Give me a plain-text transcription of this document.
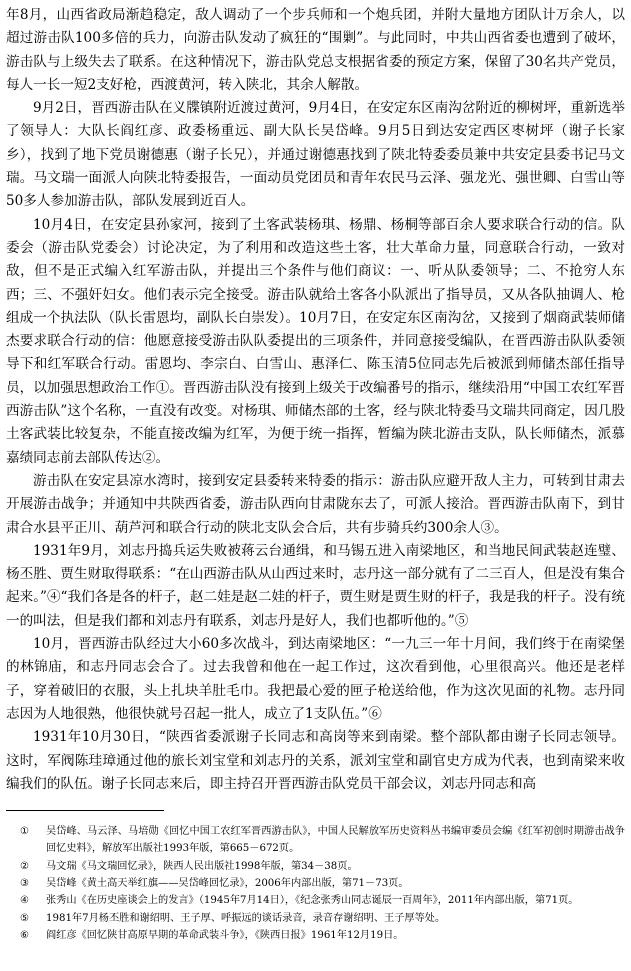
年8月，山西省政局渐趋稳定，敌人调动了一个步兵师和一个炮兵团，并附大量地方团队计万余人，以超过游击队100多倍的兵力，向游击队发动了疯狂的“围剿”。与此同时，中共山西省委也遭到了破坏，游击队与上级失去了联系。在这种情况下，游击队党总支根据省委的预定方案，保留了30名共产党员，每人一长一短2支好枪，西渡黄河，转入陕北，其余人解散。

9月2日，晋西游击队在义牒镇附近渡过黄河，9月4日，在安定东区南沟岔附近的柳树坪，重新选举了领导人：大队长阎红彦、政委杨重远、副大队长吴岱峰。9月5日到达安定西区枣树坪（谢子长家乡），找到了地下党员谢德惠（谢子长兄），并通过谢德惠找到了陕北特委委员兼中共安定县委书记马文瑞。马文瑞一面派人向陕北特委报告，一面动员党团员和青年农民马云泽、强龙光、强世卿、白雪山等50多人参加游击队，部队发展到近百人。

10月4日，在安定县孙家河，接到了土客武装杨琪、杨鼎、杨桐等部百余人要求联合行动的信。队委会（游击队党委会）讨论决定，为了利用和改造这些土客，壮大革命力量，同意联合行动，一致对敌，但不是正式编入红军游击队，并提出三个条件与他们商议：一、听从队委领导；二、不抢穷人东西；三、不强奸妇女。他们表示完全接受。游击队就给土客各小队派出了指导员，又从各队抽调人、枪组成一个执法队（队长雷恩均，副队长白崇发）。10月7日，在安定东区南沟岔，又接到了烟商武装师储杰要求联合行动的信：他愿意接受游击队队委提出的三项条件，并同意接受编队，在晋西游击队队委领导下和红军联合行动。雷恩均、李宗白、白雪山、惠泽仁、陈玉清5位同志先后被派到师储杰部任指导员，以加强思想政治工作①。晋西游击队没有接到上级关于改编番号的指示，继续沿用“中国工农红军晋西游击队”这个名称，一直没有改变。对杨琪、师储杰部的土客，经与陕北特委马文瑞共同商定，因几股土客武装比较复杂，不能直接改编为红军，为便于统一指挥，暂编为陕北游击支队，队长师储杰，派慕嘉绩同志前去部队传达②。

游击队在安定县凉水湾时，接到安定县委转来特委的指示：游击队应避开敌人主力，可转到甘肃去开展游击战争；并通知中共陕西省委，游击队西向甘肃陇东去了，可派人接洽。晋西游击队南下，到甘肃合水县平正川、葫芦河和联合行动的陕北支队会合后，共有步骑兵约300余人③。

1931年9月，刘志丹捣兵运失败被蒋云台通缉，和马锡五进入南梁地区，和当地民间武装赵连璧、杨丕胜、贾生财取得联系：“在山西游击队从山西过来时，志丹这一部分就有了二三百人，但是没有集合起来。”④“我们各是各的杆子，赵二娃是赵二娃的杆子，贾生财是贾生财的杆子，我是我的杆子。没有统一的叫法，但是我们都和刘志丹有联系，刘志丹是好人，我们也都听他的。”⑤

10月，晋西游击队经过大小60多次战斗，到达南梁地区：“一九三一年十月间，我们终于在南梁堡的林锦庙，和志丹同志会合了。过去我曾和他在一起工作过，这次看到他，心里很高兴。他还是老样子，穿着破旧的衣服，头上扎块羊肚毛巾。我把最心爱的匣子枪送给他，作为这次见面的礼物。志丹同志因为人地很熟，他很快就号召起一批人，成立了1支队伍。”⑥

1931年10月30日，“陕西省委派谢子长同志和高岗等来到南梁。整个部队都由谢子长同志领导。这时，军阀陈珪璋通过他的旅长刘宝堂和刘志丹的关系，派刘宝堂和副官史方成为代表，也到南梁来收编我们的队伍。谢子长同志来后，即主持召开晋西游击队党员干部会议，刘志丹同志和高

①	吴岱峰、马云泽、马培勋《回忆中国工农红军晋西游击队》，中国人民解放军历史资料丛书编审委员会编《红军初创时期游击战争回忆史料》，解放军出版社1993年版，第665－672页。
②	马文瑞《马文瑞回忆录》，陕西人民出版社1998年版，第34－38页。
③	吴岱峰《黄土高天举红旗——吴岱峰回忆录》，2006年内部出版，第71－73页。
④	张秀山《在历史座谈会上的发言》（1945年7月14日），《纪念张秀山同志诞辰一百周年》，2011年内部出版，第71页。
⑤	1981年7月杨丕胜和谢绍明、王子厚、呼振远的谈话录音，录音存谢绍明、王子厚等处。
⑥	阎红彦《回忆陕甘高原早期的革命武装斗争》，《陕西日报》1961年12月19日。
